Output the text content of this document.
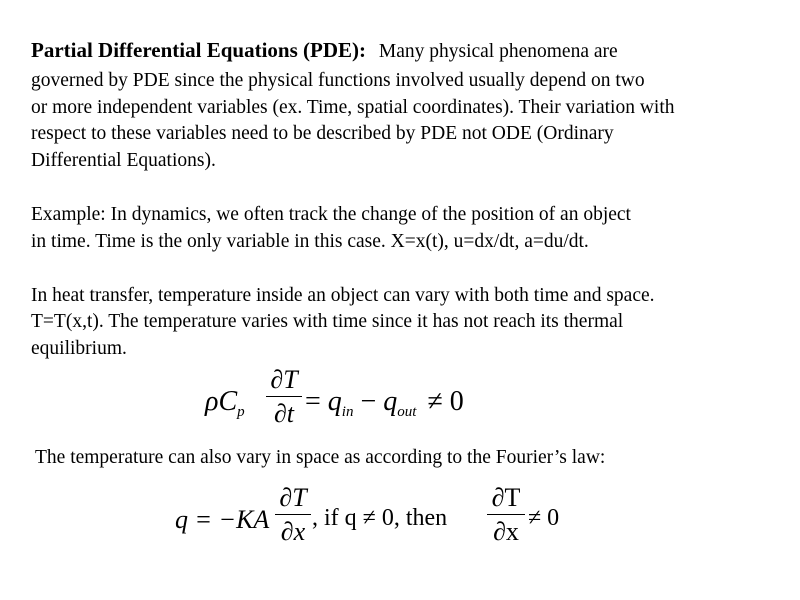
Partial Differential Equations (PDE): Many physical phenomena are
governed by PDE since the physical functions involved usually depend on two
or more independent variables (ex. Time, spatial coordinates). Their variation with
respect to these variables need to be described by PDE not ODE (Ordinary
Differential Equations).
Example: In dynamics, we often track the change of the position of an object
in time. Time is the only variable in this case. X=x(t), u=dx/dt, a=du/dt.
In heat transfer, temperature inside an object can vary with both time and space.
T=T(x,t). The temperature varies with time since it has not reach its thermal
equilibrium.
$\rho C_p$
∂T
$\partial t = q_{in} - q_{out} \ne 0$
The temperature can also vary in space as according to the Fourier’s law:
q = −KA
∂T
∂x , if q ≠ 0, then
∂T
∂x ≠ 0
